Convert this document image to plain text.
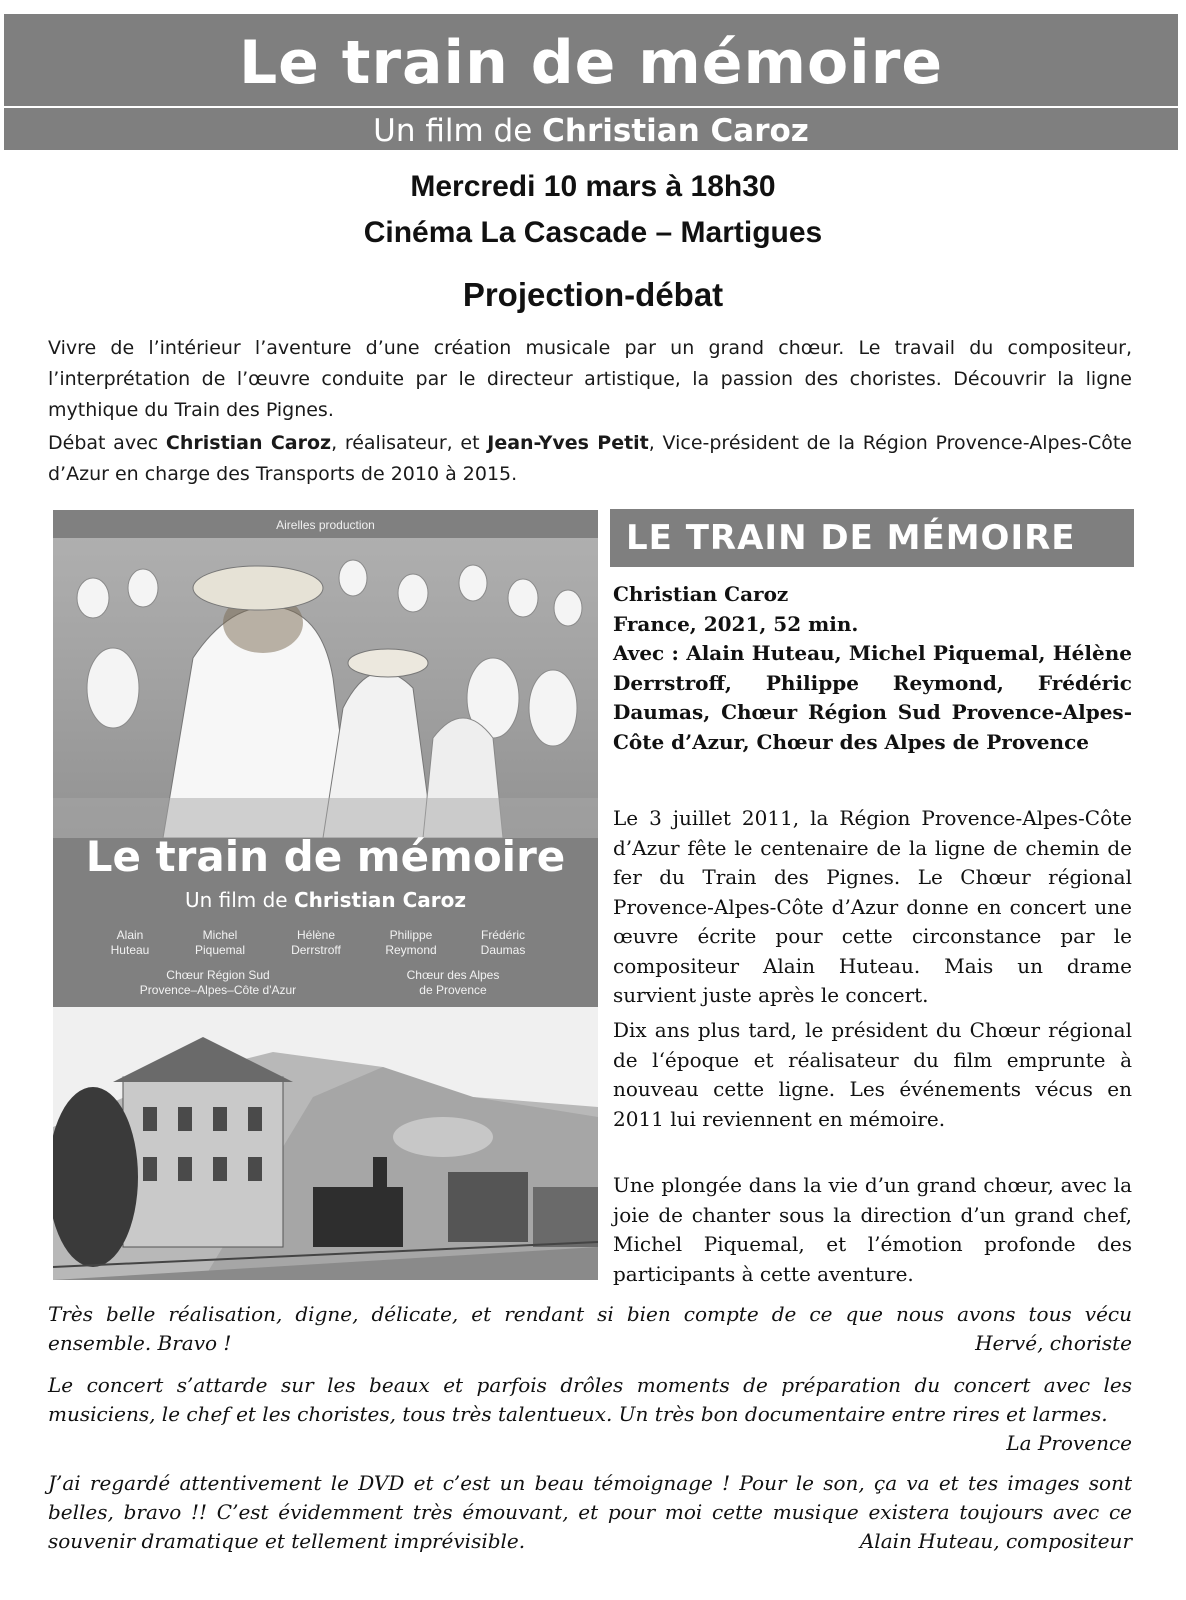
Le train de mémoire
Un film de Christian Caroz
Mercredi 10 mars à 18h30
Cinéma La Cascade – Martigues
Projection-débat
Vivre de l’intérieur l’aventure d’une création musicale par un grand chœur. Le travail du compositeur, l’interprétation de l’œuvre conduite par le directeur artistique, la passion des choristes. Découvrir la ligne mythique du Train des Pignes.
Débat avec Christian Caroz, réalisateur, et Jean-Yves Petit, Vice-président de la Région Provence-Alpes-Côte d’Azur en charge des Transports de 2010 à 2015.
Airelles production
Le train de mémoire
Un film de Christian Caroz
Alain
Huteau
Michel
Piquemal
Hélène
Derrstroff
Philippe
Reymond
Frédéric
Daumas
Chœur Région Sud
Provence–Alpes–Côte d'Azur
Chœur des Alpes
de Provence
LE TRAIN DE MÉMOIRE
Christian Caroz
France, 2021, 52 min.
Avec : Alain Huteau, Michel Piquemal, Hélène Derrstroff, Philippe Reymond, Frédéric Daumas, Chœur Région Sud Provence-Alpes-Côte d’Azur, Chœur des Alpes de Provence
Le 3 juillet 2011, la Région Provence-Alpes-Côte d’Azur fête le centenaire de la ligne de chemin de fer du Train des Pignes. Le Chœur régional Provence-Alpes-Côte d’Azur donne en concert une œuvre écrite pour cette circonstance par le compositeur Alain Huteau. Mais un drame survient juste après le concert.
Dix ans plus tard, le président du Chœur régional de l‘époque et réalisateur du film emprunte à nouveau cette ligne. Les événements vécus en 2011 lui reviennent en mémoire.
Une plongée dans la vie d’un grand chœur, avec la joie de chanter sous la direction d’un grand chef, Michel Piquemal, et l’émotion profonde des participants à cette aventure.
Très belle réalisation, digne, délicate, et rendant si bien compte de ce que nous avons tous vécu ensemble. Bravo !	Hervé, choriste
Le concert s’attarde sur les beaux et parfois drôles moments de préparation du concert avec les musiciens, le chef et les choristes, tous très talentueux. Un très bon documentaire entre rires et larmes.
La Provence
J’ai regardé attentivement le DVD et c’est un beau témoignage ! Pour le son, ça va et tes images sont belles, bravo !! C’est évidemment très émouvant, et pour moi cette musique existera toujours avec ce souvenir dramatique et tellement imprévisible.	Alain Huteau, compositeur
